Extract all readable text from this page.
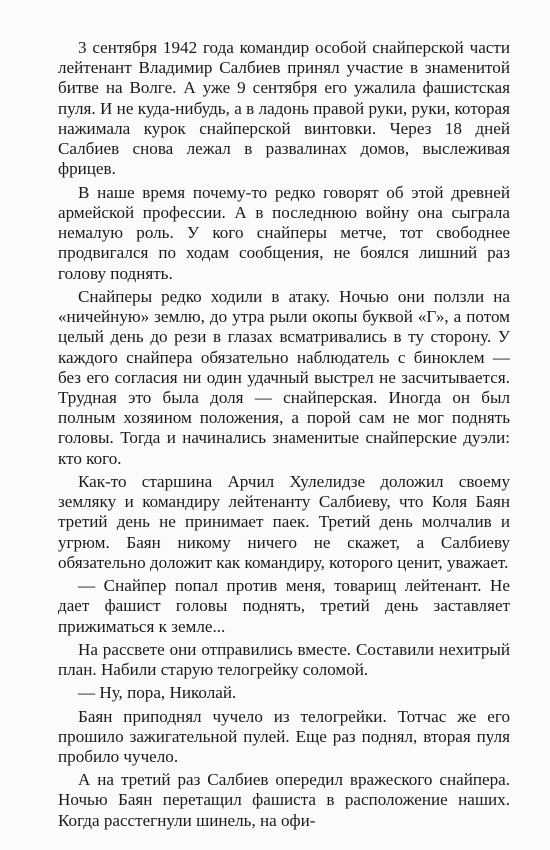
3 сентября 1942 года командир особой снайперской части лейтенант Владимир Салбиев принял участие в знаменитой битве на Волге. А уже 9 сентября его ужалила фашистская пуля. И не куда-нибудь, а в ладонь правой руки, руки, которая нажимала курок снайперской винтовки. Через 18 дней Салбиев снова лежал в развалинах домов, выслеживая фрицев.

В наше время почему-то редко говорят об этой древней армейской профессии. А в последнюю войну она сыграла немалую роль. У кого снайперы метче, тот свободнее продвигался по ходам сообщения, не боялся лишний раз голову поднять.

Снайперы редко ходили в атаку. Ночью они ползли на «ничейную» землю, до утра рыли окопы буквой «Г», а потом целый день до рези в глазах всматривались в ту сторону. У каждого снайпера обязательно наблюдатель с биноклем — без его согласия ни один удачный выстрел не засчитывается. Трудная это была доля — снайперская. Иногда он был полным хозяином положения, а порой сам не мог поднять головы. Тогда и начинались знаменитые снайперские дуэли: кто кого.

Как-то старшина Арчил Хулелидзе доложил своему земляку и командиру лейтенанту Салбиеву, что Коля Баян третий день не принимает паек. Третий день молчалив и угрюм. Баян никому ничего не скажет, а Салбиеву обязательно доложит как командиру, которого ценит, уважает.

— Снайпер попал против меня, товарищ лейтенант. Не дает фашист головы поднять, третий день заставляет прижиматься к земле...

На рассвете они отправились вместе. Составили нехитрый план. Набили старую телогрейку соломой.

— Ну, пора, Николай.

Баян приподнял чучело из телогрейки. Тотчас же его прошило зажигательной пулей. Еще раз поднял, вторая пуля пробило чучело.

А на третий раз Салбиев опередил вражеского снайпера. Ночью Баян перетащил фашиста в расположение наших. Когда расстегнули шинель, на офи-
